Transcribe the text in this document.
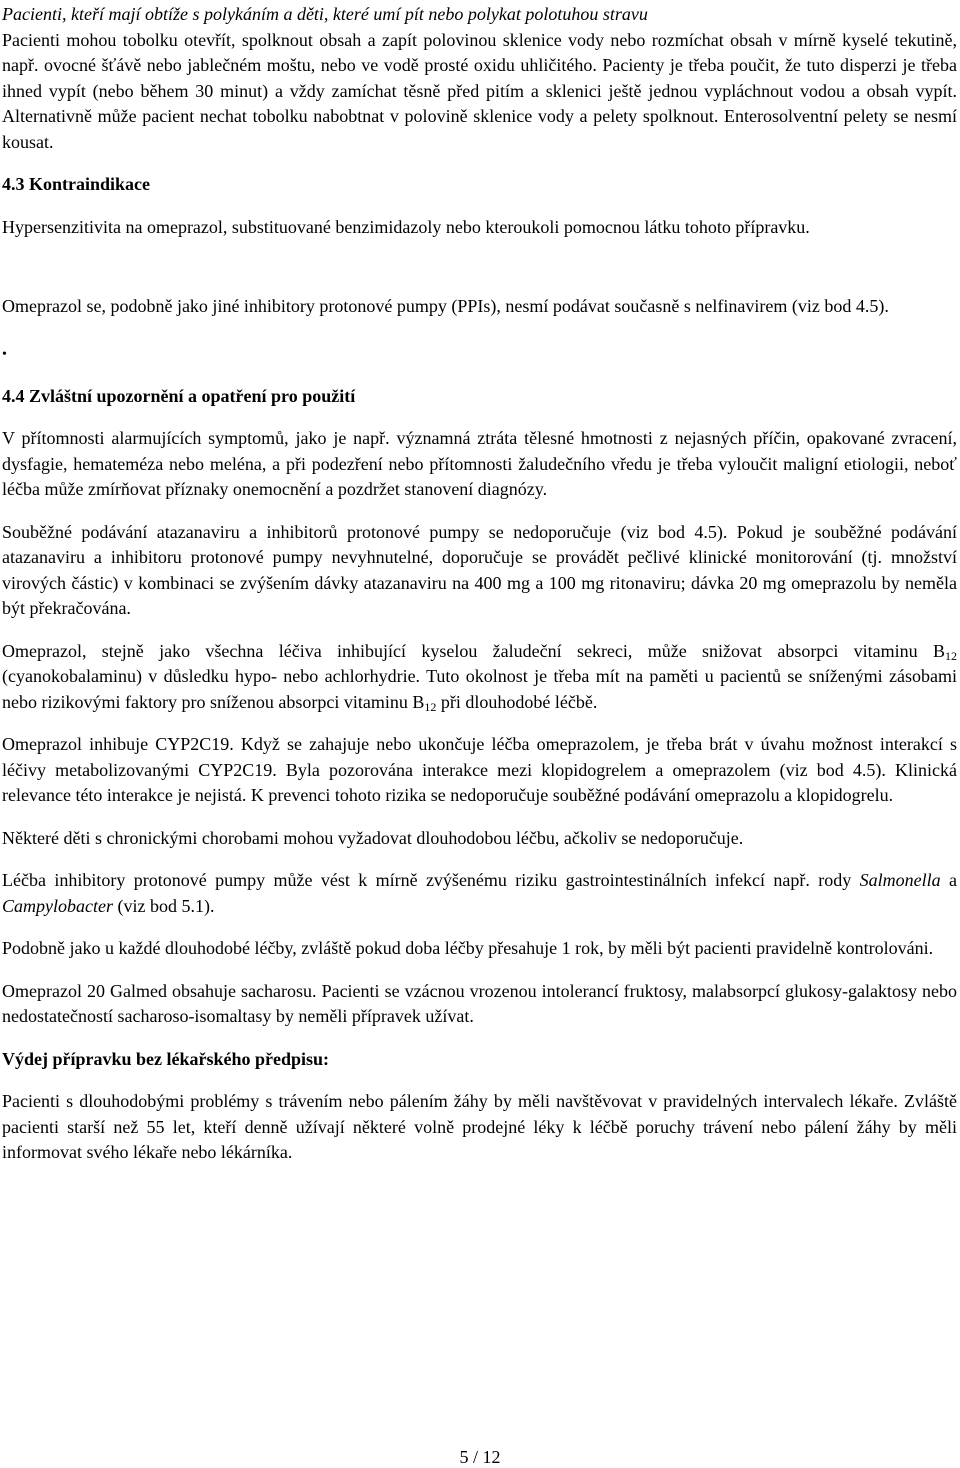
Pacienti, kteří mají obtíže s polykáním a děti, které umí pít nebo polykat polotuhou stravu

Pacienti mohou tobolku otevřít, spolknout obsah a zapít polovinou sklenice vody nebo rozmíchat obsah v mírně kyselé tekutině, např. ovocné šťávě nebo jablečném moštu, nebo ve vodě prosté oxidu uhličitého. Pacienty je třeba poučit, že tuto disperzi je třeba ihned vypít (nebo během 30 minut) a vždy zamíchat těsně před pitím a sklenici ještě jednou vypláchnout vodou a obsah vypít. Alternativně může pacient nechat tobolku nabobtnat v polovině sklenice vody a pelety spolknout. Enterosolventní pelety se nesmí kousat.

4.3 Kontraindikace

Hypersenzitivita na omeprazol, substituované benzimidazoly nebo kteroukoli pomocnou látku tohoto přípravku.

Omeprazol se, podobně jako jiné inhibitory protonové pumpy (PPIs), nesmí podávat současně s nelfinavirem (viz bod 4.5).

•

4.4 Zvláštní upozornění a opatření pro použití

V přítomnosti alarmujících symptomů, jako je např. významná ztráta tělesné hmotnosti z nejasných příčin, opakované zvracení, dysfagie, hemateméza nebo meléna, a při podezření nebo přítomnosti žaludečního vředu je třeba vyloučit maligní etiologii, neboť léčba může zmírňovat příznaky onemocnění a pozdržet stanovení diagnózy.

Souběžné podávání atazanaviru a inhibitorů protonové pumpy se nedoporučuje (viz bod 4.5). Pokud je souběžné podávání atazanaviru a inhibitoru protonové pumpy nevyhnutelné, doporučuje se provádět pečlivé klinické monitorování (tj. množství virových částic) v kombinaci se zvýšením dávky atazanaviru na 400 mg a 100 mg ritonaviru; dávka 20 mg omeprazolu by neměla být překračována.

Omeprazol, stejně jako všechna léčiva inhibující kyselou žaludeční sekreci, může snižovat absorpci vitaminu $B_{12}$ (cyanokobalaminu) v důsledku hypo- nebo achlorhydrie. Tuto okolnost je třeba mít na paměti u pacientů se sníženými zásobami nebo rizikovými faktory pro sníženou absorpci vitaminu $B_{12}$ při dlouhodobé léčbě.

Omeprazol inhibuje CYP2C19. Když se zahajuje nebo ukončuje léčba omeprazolem, je třeba brát v úvahu možnost interakcí s léčivy metabolizovanými CYP2C19. Byla pozorována interakce mezi klopidogrelem a omeprazolem (viz bod 4.5). Klinická relevance této interakce je nejistá. K prevenci tohoto rizika se nedoporučuje souběžné podávání omeprazolu a klopidogrelu.

Některé děti s chronickými chorobami mohou vyžadovat dlouhodobou léčbu, ačkoliv se nedoporučuje.

Léčba inhibitory protonové pumpy může vést k mírně zvýšenému riziku gastrointestinálních infekcí např. rody Salmonella a Campylobacter (viz bod 5.1).

Podobně jako u každé dlouhodobé léčby, zvláště pokud doba léčby přesahuje 1 rok, by měli být pacienti pravidelně kontrolováni.

Omeprazol 20 Galmed obsahuje sacharosu. Pacienti se vzácnou vrozenou intolerancí fruktosy, malabsorpcí glukosy-galaktosy nebo nedostatečností sacharoso-isomaltasy by neměli přípravek užívat.

Výdej přípravku bez lékařského předpisu:

Pacienti s dlouhodobými problémy s trávením nebo pálením žáhy by měli navštěvovat v pravidelných intervalech lékaře. Zvláště pacienti starší než 55 let, kteří denně užívají některé volně prodejné léky k léčbě poruchy trávení nebo pálení žáhy by měli informovat svého lékaře nebo lékárníka.

5 / 12
